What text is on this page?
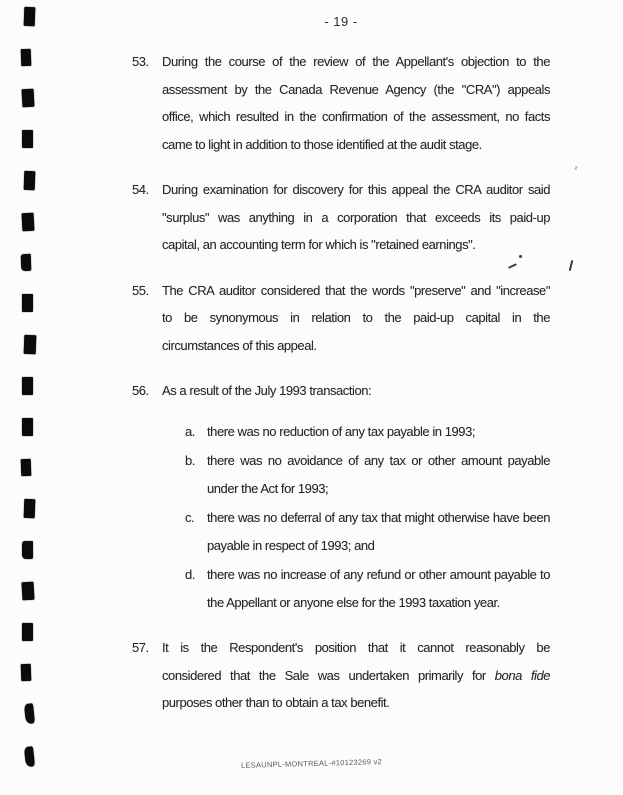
- 19 -
53. During the course of the review of the Appellant's objection to the
assessment by the Canada Revenue Agency (the "CRA") appeals
office, which resulted in the confirmation of the assessment, no facts
came to light in addition to those identified at the audit stage.
54. During examination for discovery for this appeal the CRA auditor said
"surplus" was anything in a corporation that exceeds its paid-up
capital, an accounting term for which is "retained earnings".
55. The CRA auditor considered that the words "preserve" and "increase"
to be synonymous in relation to the paid-up capital in the
circumstances of this appeal.
56. As a result of the July 1993 transaction:
a. there was no reduction of any tax payable in 1993;
b. there was no avoidance of any tax or other amount payable
under the Act for 1993;
c. there was no deferral of any tax that might otherwise have been
payable in respect of 1993; and
d. there was no increase of any refund or other amount payable to
the Appellant or anyone else for the 1993 taxation year.
57. It is the Respondent's position that it cannot reasonably be
considered that the Sale was undertaken primarily for bona fide
purposes other than to obtain a tax benefit.
LESAUNPL-MONTREAL-#10123269 v2
